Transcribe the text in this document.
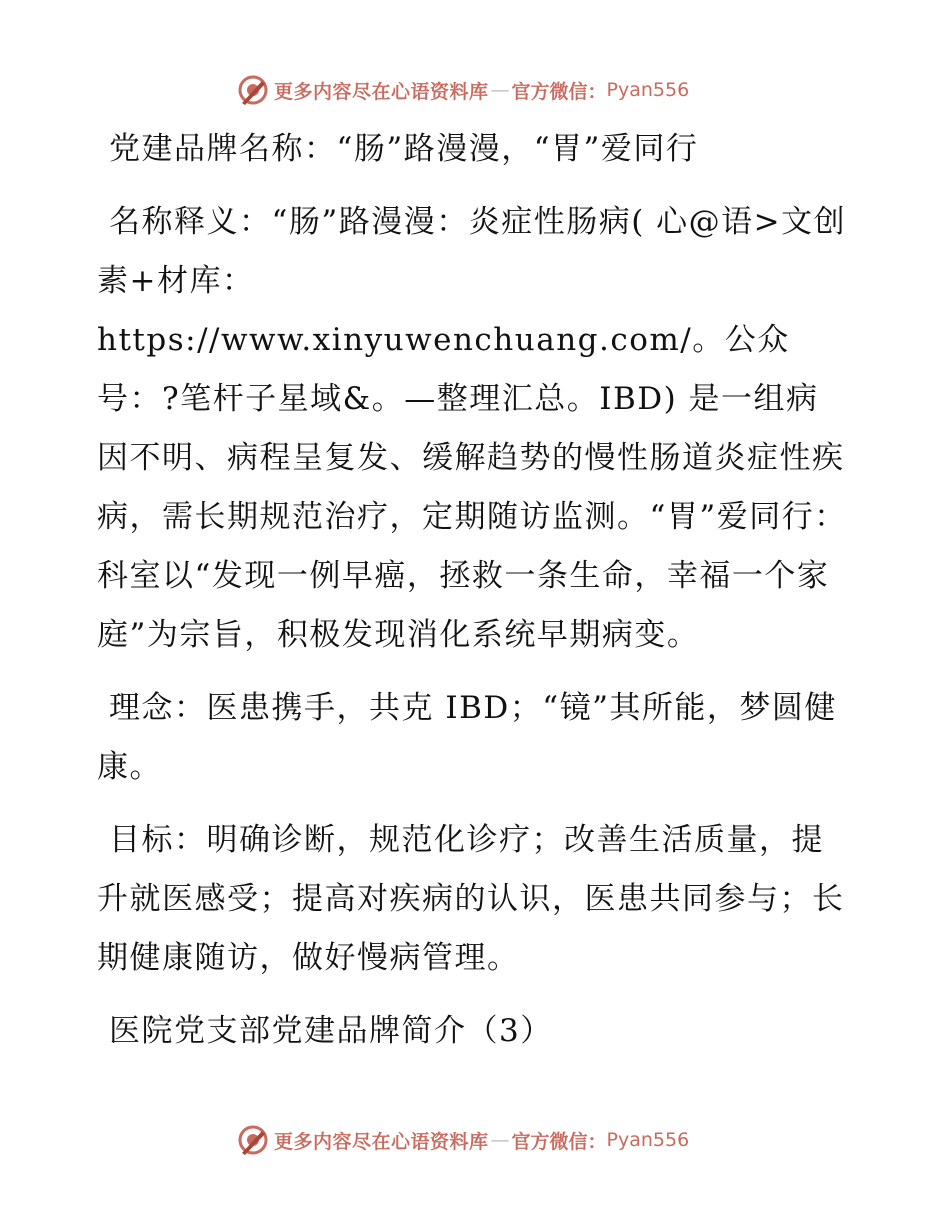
更多内容尽在心语资料库 — 官方微信： Pyan556

党建品牌名称：“肠”路漫漫，“胃”爱同行

名称释义：“肠”路漫漫：炎症性肠病( 心@语>文创素+材库：https://www.xinyuwenchuang.com/。公众号：?笔杆子星域&。—整理汇总。IBD) 是一组病因不明、病程呈复发、缓解趋势的慢性肠道炎症性疾病，需长期规范治疗，定期随访监测。“胃”爱同行：科室以“发现一例早癌，拯救一条生命，幸福一个家庭”为宗旨，积极发现消化系统早期病变。

理念：医患携手，共克 IBD；“镜”其所能，梦圆健康。

目标：明确诊断，规范化诊疗；改善生活质量，提升就医感受；提高对疾病的认识，医患共同参与；长期健康随访，做好慢病管理。

医院党支部党建品牌简介（3）

更多内容尽在心语资料库 — 官方微信： Pyan556
